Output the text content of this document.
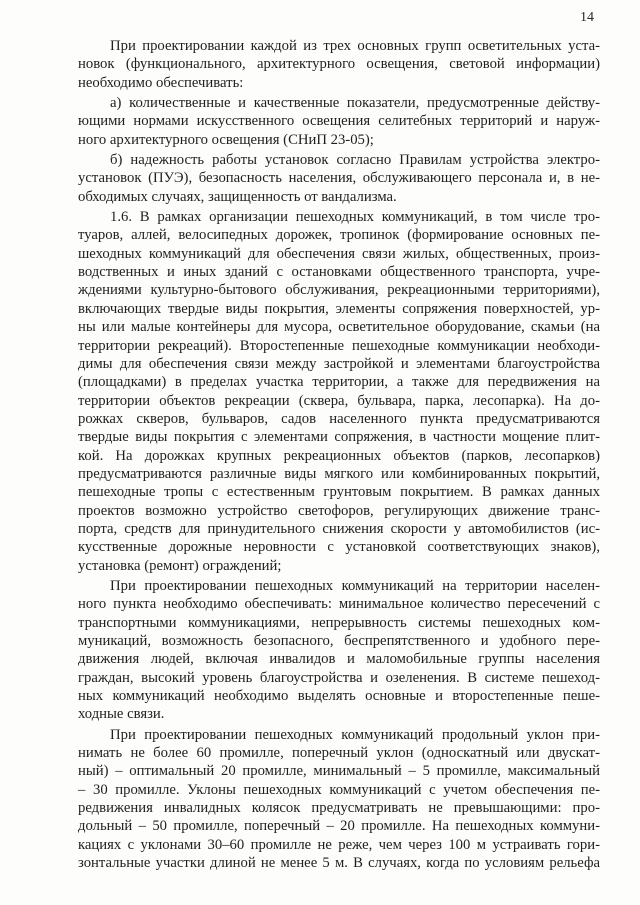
14
При проектировании каждой из трех основных групп осветительных уста-
новок (функционального, архитектурного освещения, световой информации)
необходимо обеспечивать:
а) количественные и качественные показатели, предусмотренные действу-
ющими нормами искусственного освещения селитебных территорий и наруж-
ного архитектурного освещения (СНиП 23-05);
б) надежность работы установок согласно Правилам устройства электро-
установок (ПУЭ), безопасность населения, обслуживающего персонала и, в не-
обходимых случаях, защищенность от вандализма.
1.6. В рамках организации пешеходных коммуникаций, в том числе тро-
туаров, аллей, велосипедных дорожек, тропинок (формирование основных пе-
шеходных коммуникаций для обеспечения связи жилых, общественных, произ-
водственных и иных зданий с остановками общественного транспорта, учре-
ждениями культурно-бытового обслуживания, рекреационными территориями),
включающих твердые виды покрытия, элементы сопряжения поверхностей, ур-
ны или малые контейнеры для мусора, осветительное оборудование, скамьи (на
территории рекреаций). Второстепенные пешеходные коммуникации необходи-
димы для обеспечения связи между застройкой и элементами благоустройства
(площадками) в пределах участка территории, а также для передвижения на
территории объектов рекреации (сквера, бульвара, парка, лесопарка). На до-
рожках скверов, бульваров, садов населенного пункта предусматриваются
твердые виды покрытия с элементами сопряжения, в частности мощение плит-
кой. На дорожках крупных рекреационных объектов (парков, лесопарков)
предусматриваются различные виды мягкого или комбинированных покрытий,
пешеходные тропы с естественным грунтовым покрытием. В рамках данных
проектов возможно устройство светофоров, регулирующих движение транс-
порта, средств для принудительного снижения скорости у автомобилистов (ис-
кусственные дорожные неровности с установкой соответствующих знаков),
установка (ремонт) ограждений;
При проектировании пешеходных коммуникаций на территории населен-
ного пункта необходимо обеспечивать: минимальное количество пересечений с
транспортными коммуникациями, непрерывность системы пешеходных ком-
муникаций, возможность безопасного, беспрепятственного и удобного пере-
движения людей, включая инвалидов и маломобильные группы населения
граждан, высокий уровень благоустройства и озеленения. В системе пешеход-
ных коммуникаций необходимо выделять основные и второстепенные пеше-
ходные связи.
При проектировании пешеходных коммуникаций продольный уклон при-
нимать не более 60 промилле, поперечный уклон (односкатный или двускат-
ный) – оптимальный 20 промилле, минимальный – 5 промилле, максимальный
– 30 промилле. Уклоны пешеходных коммуникаций с учетом обеспечения пе-
редвижения инвалидных колясок предусматривать не превышающими: про-
дольный – 50 промилле, поперечный – 20 промилле. На пешеходных коммуни-
кациях с уклонами 30–60 промилле не реже, чем через 100 м устраивать гори-
зонтальные участки длиной не менее 5 м. В случаях, когда по условиям рельефа
